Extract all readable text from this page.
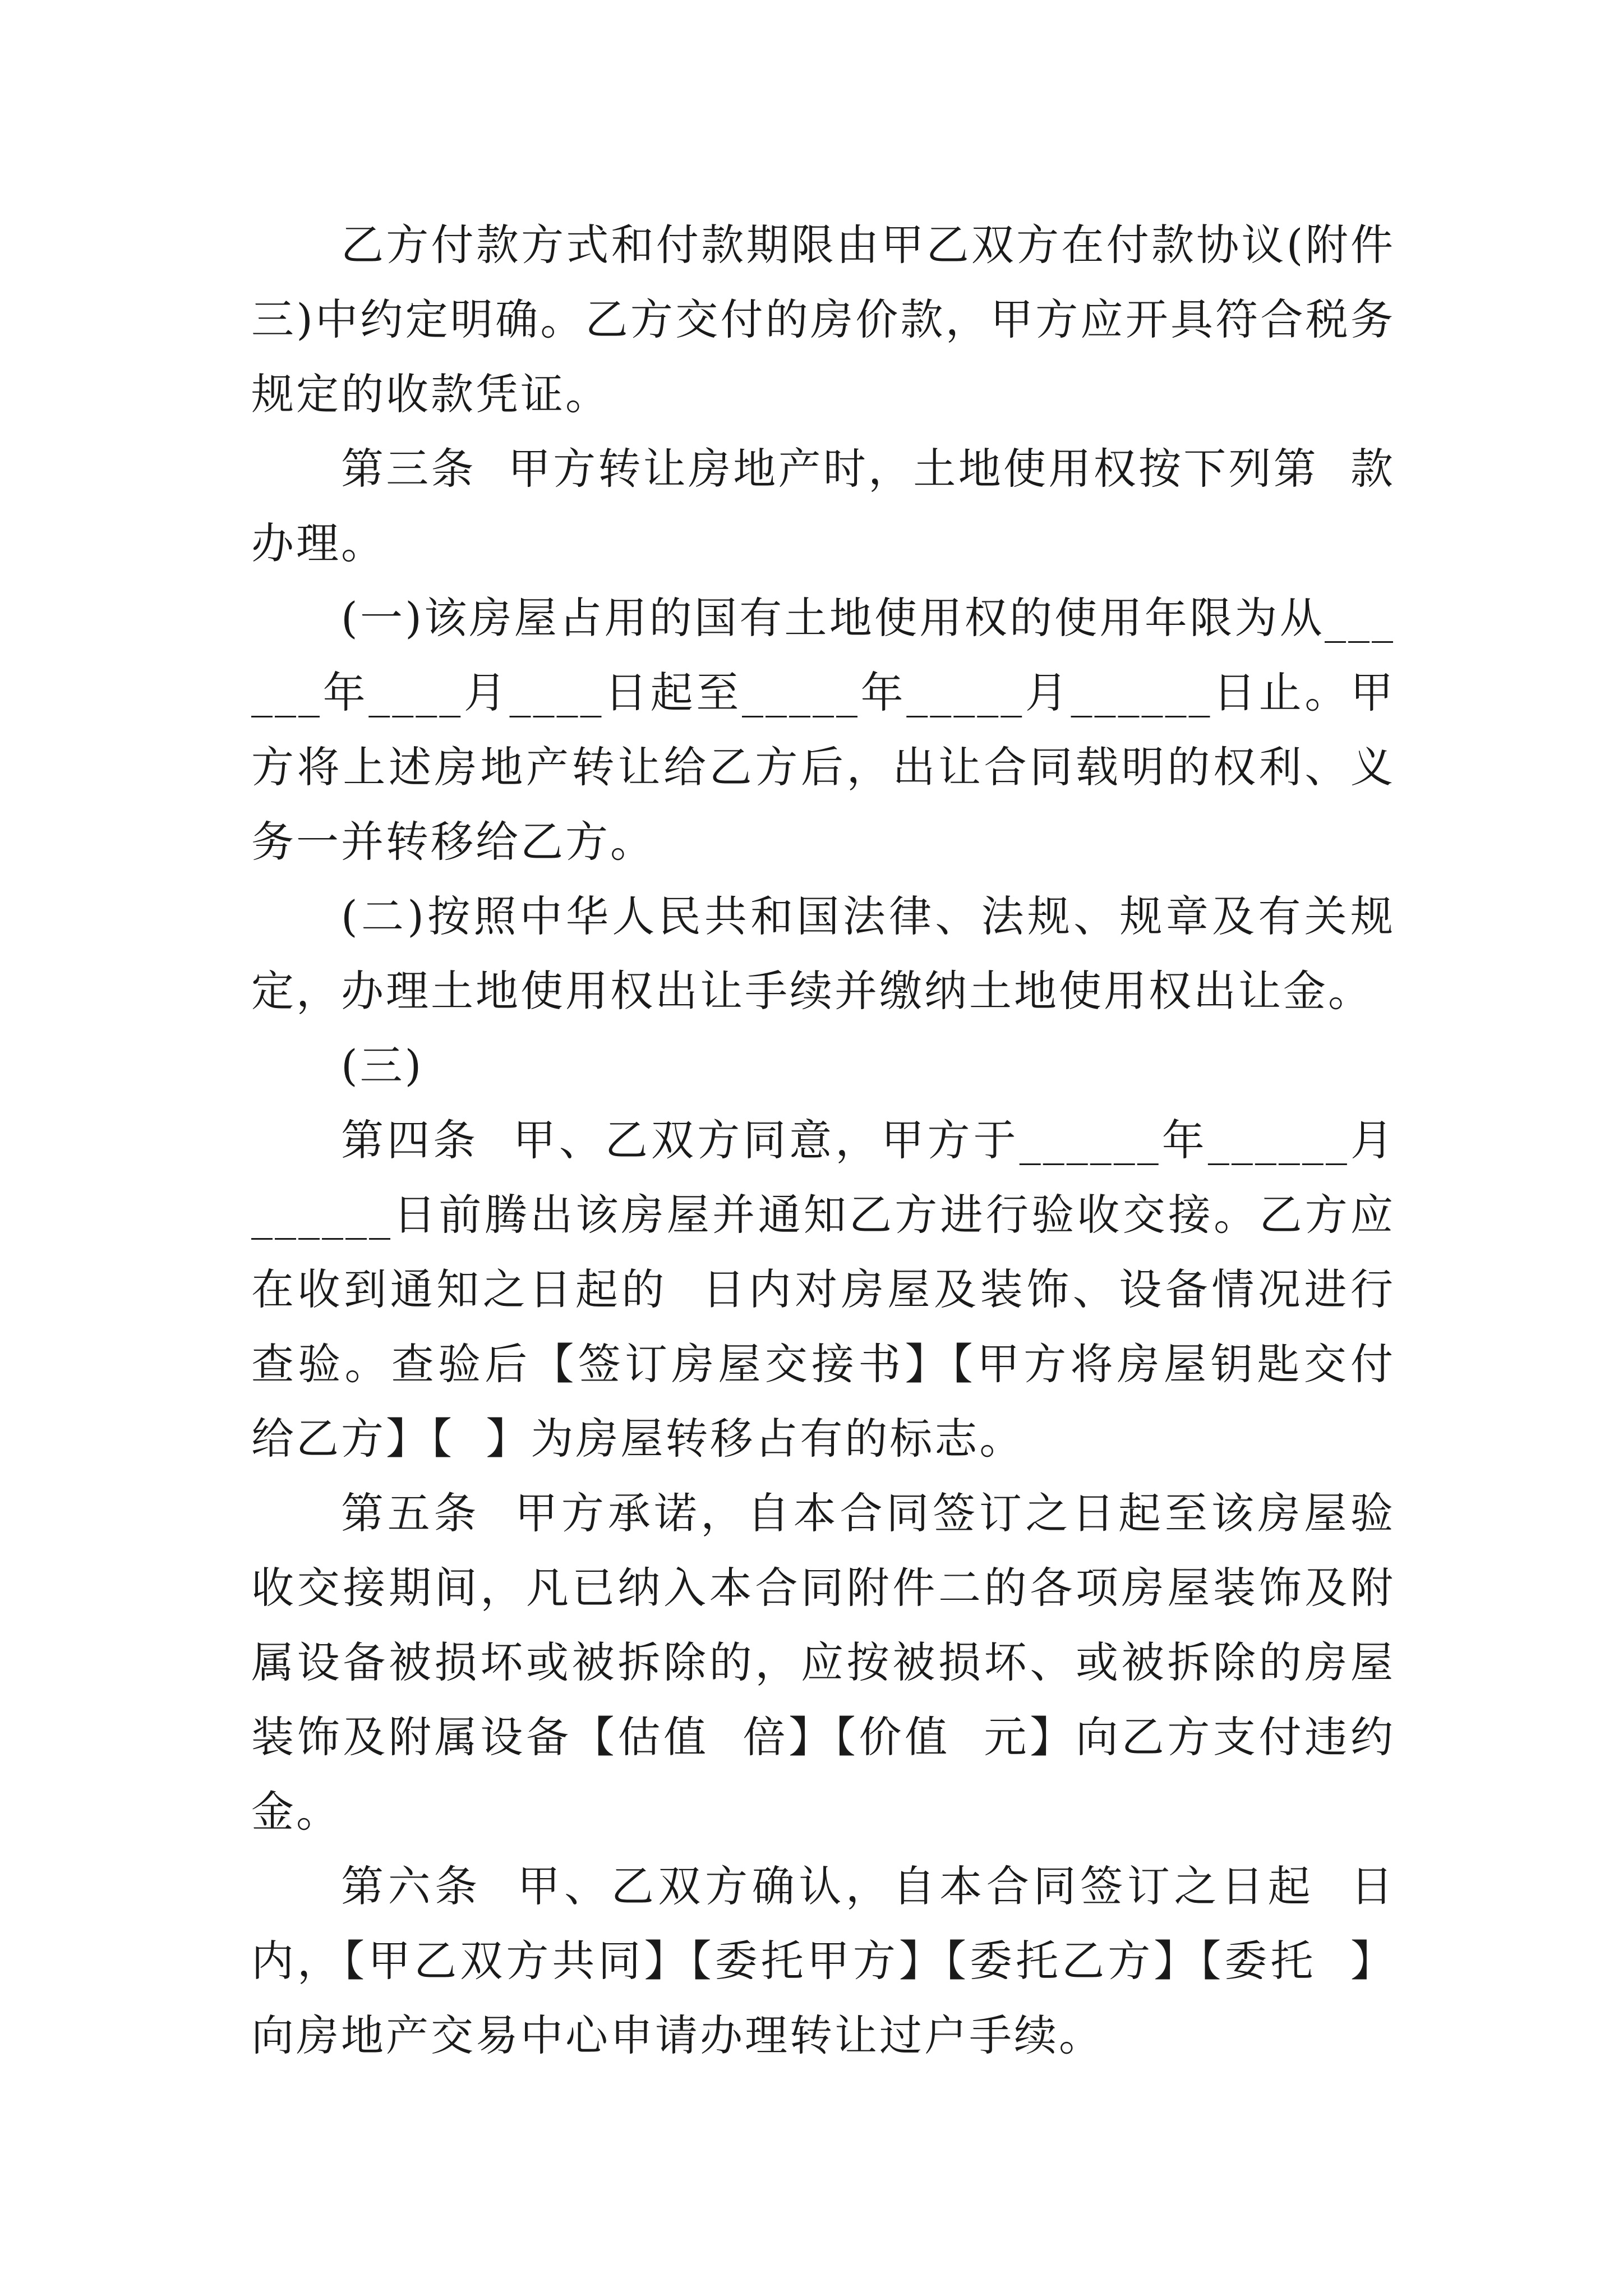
乙方付款方式和付款期限由甲乙双方在付款协议(附件三)中约定明确。乙方交付的房价款，甲方应开具符合税务规定的收款凭证。

第三条  甲方转让房地产时，土地使用权按下列第  款办理。

(一)该房屋占用的国有土地使用权的使用年限为从______年____月____日起至_____年_____月______日止。甲方将上述房地产转让给乙方后，出让合同载明的权利、义务一并转移给乙方。

(二)按照中华人民共和国法律、法规、规章及有关规定，办理土地使用权出让手续并缴纳土地使用权出让金。

(三)

第四条  甲、乙双方同意，甲方于______年______月______日前腾出该房屋并通知乙方进行验收交接。乙方应在收到通知之日起的  日内对房屋及装饰、设备情况进行查验。查验后【签订房屋交接书】【甲方将房屋钥匙交付给乙方】【  】为房屋转移占有的标志。

第五条  甲方承诺，自本合同签订之日起至该房屋验收交接期间，凡已纳入本合同附件二的各项房屋装饰及附属设备被损坏或被拆除的，应按被损坏、或被拆除的房屋装饰及附属设备【估值  倍】【价值  元】向乙方支付违约金。

第六条  甲、乙双方确认，自本合同签订之日起  日内，【甲乙双方共同】【委托甲方】【委托乙方】【委托  】向房地产交易中心申请办理转让过户手续。
